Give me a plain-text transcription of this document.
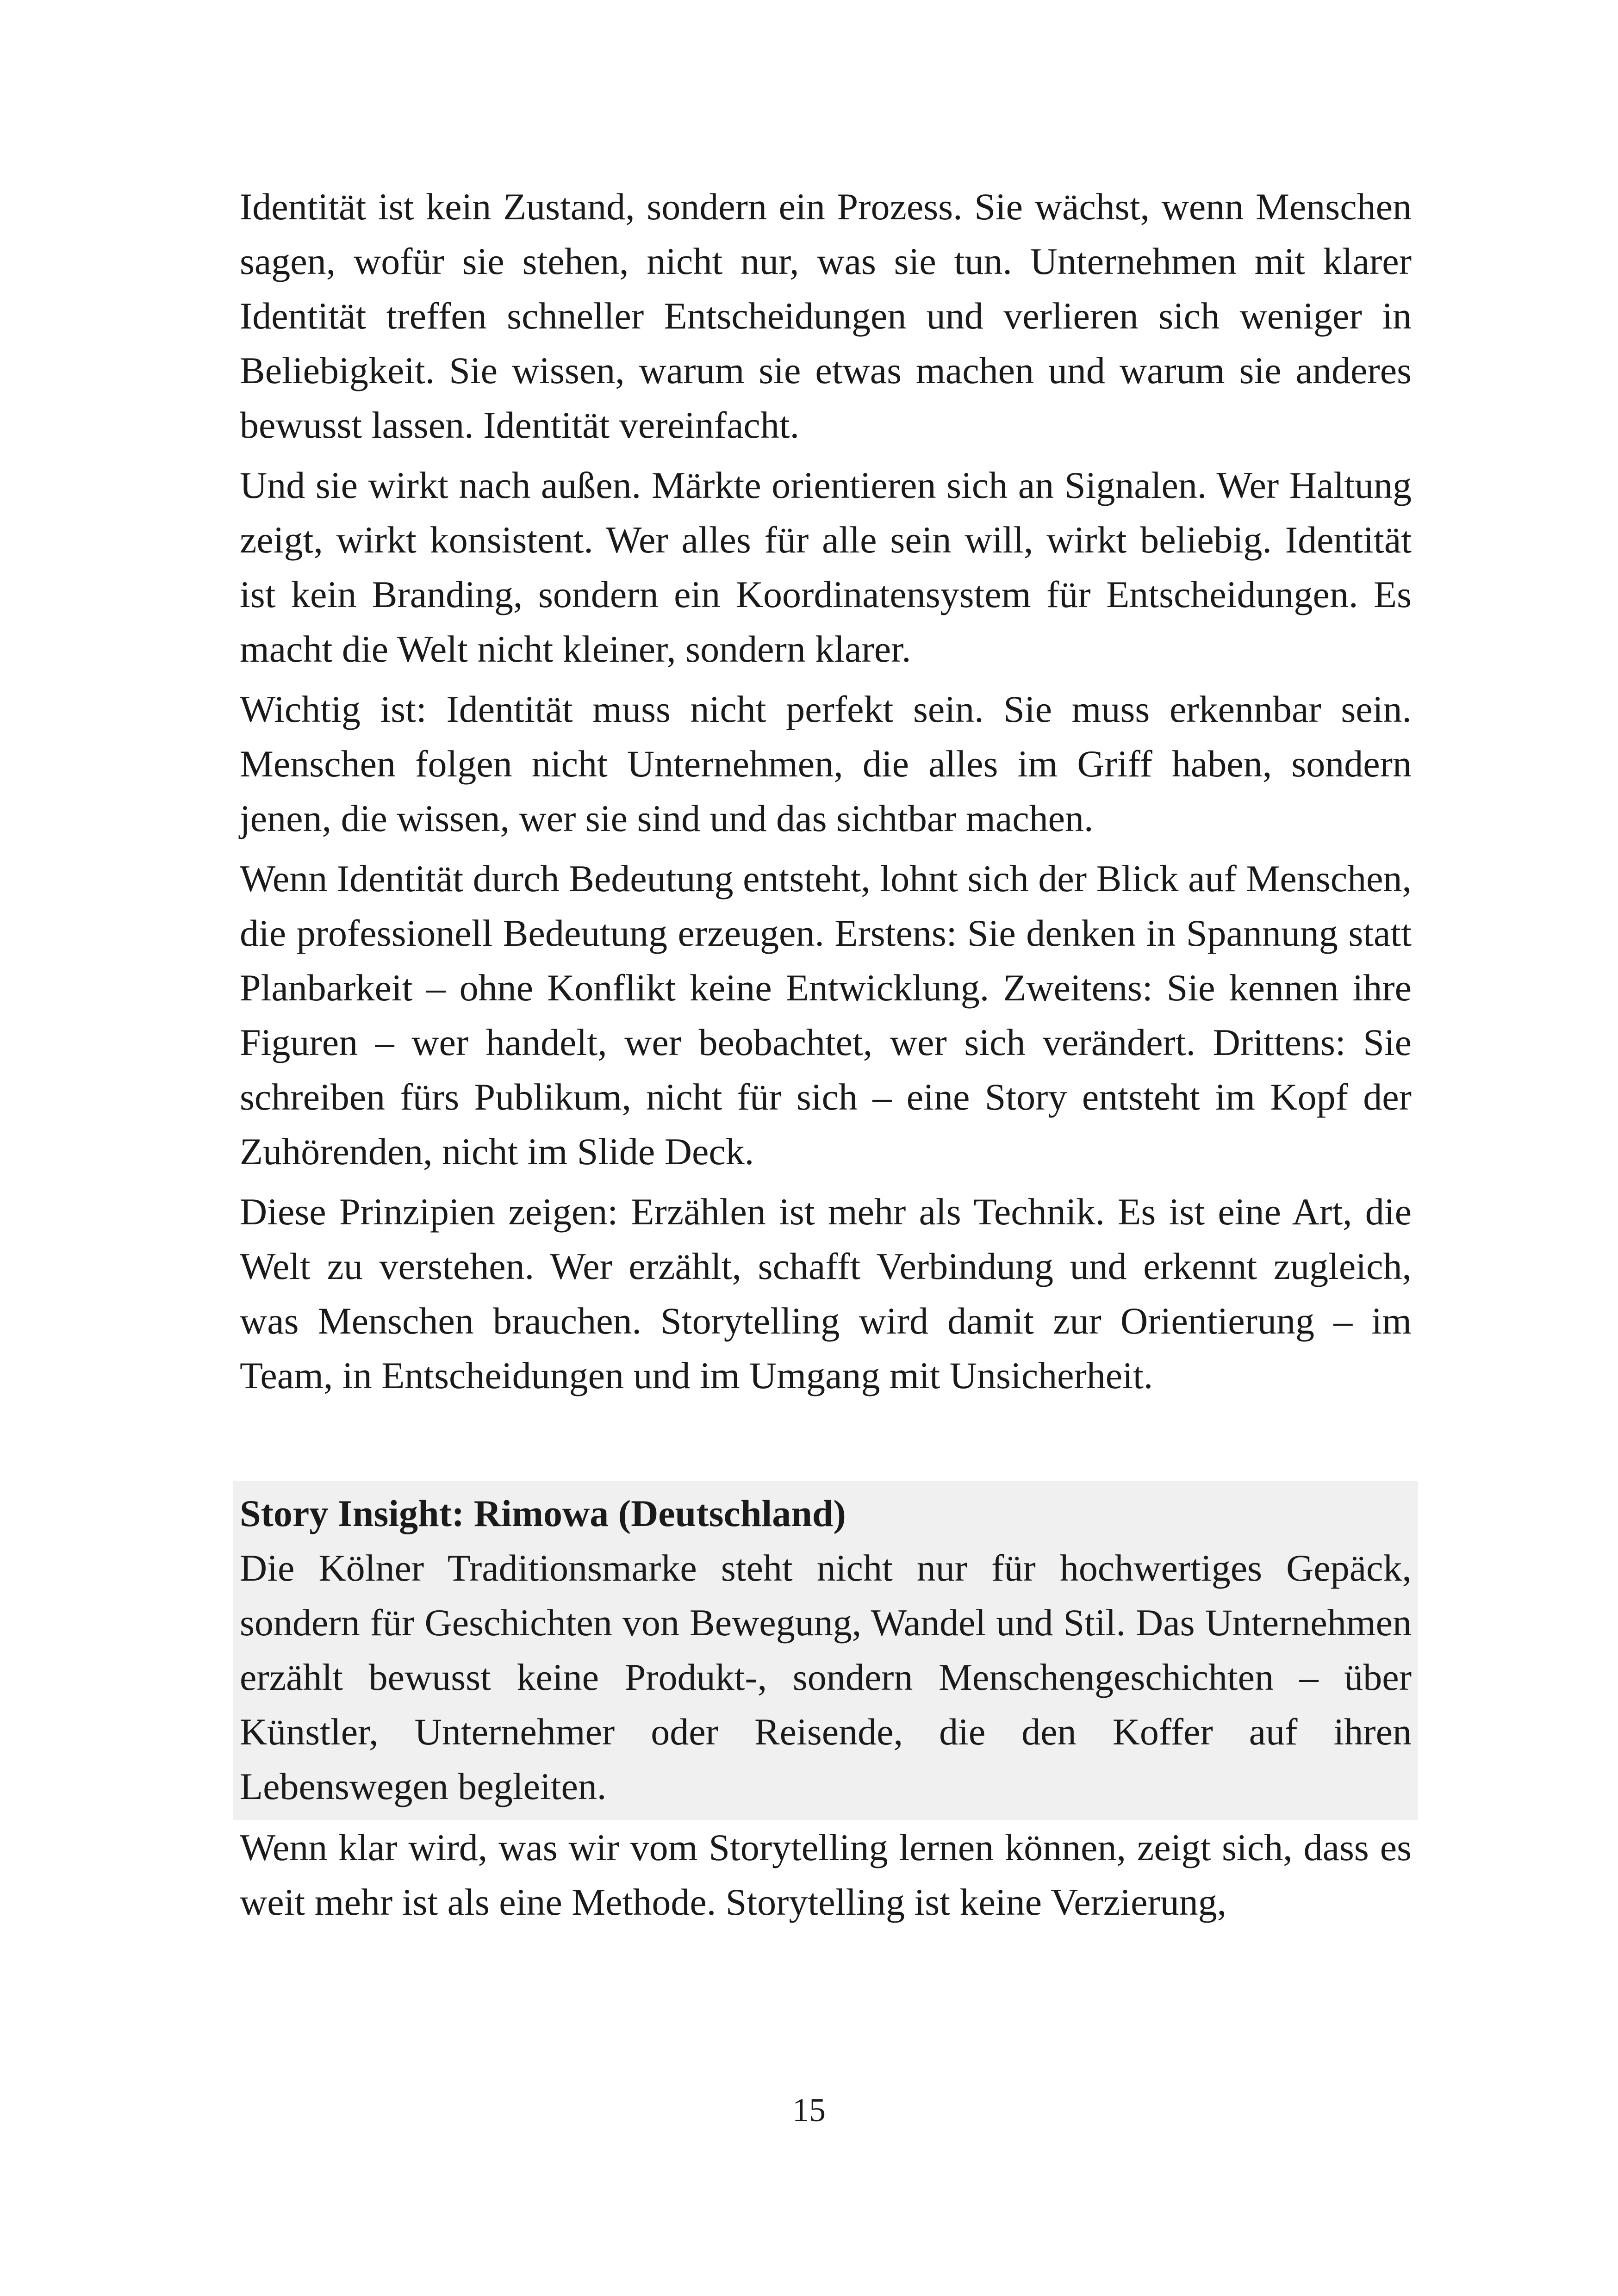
Identität ist kein Zustand, sondern ein Prozess. Sie wächst, wenn Menschen sagen, wofür sie stehen, nicht nur, was sie tun. Unternehmen mit klarer Identität treffen schneller Entscheidungen und verlieren sich weniger in Beliebigkeit. Sie wissen, warum sie etwas machen und warum sie anderes bewusst lassen. Identität vereinfacht.

Und sie wirkt nach außen. Märkte orientieren sich an Signalen. Wer Haltung zeigt, wirkt konsistent. Wer alles für alle sein will, wirkt beliebig. Identität ist kein Branding, sondern ein Koordinatensystem für Entscheidungen. Es macht die Welt nicht kleiner, sondern klarer.

Wichtig ist: Identität muss nicht perfekt sein. Sie muss erkennbar sein. Menschen folgen nicht Unternehmen, die alles im Griff haben, sondern jenen, die wissen, wer sie sind und das sichtbar machen.

Wenn Identität durch Bedeutung entsteht, lohnt sich der Blick auf Menschen, die professionell Bedeutung erzeugen. Erstens: Sie denken in Spannung statt Planbarkeit – ohne Konflikt keine Entwicklung. Zweitens: Sie kennen ihre Figuren – wer handelt, wer beobachtet, wer sich verändert. Drittens: Sie schreiben fürs Publikum, nicht für sich – eine Story entsteht im Kopf der Zuhörenden, nicht im Slide Deck.

Diese Prinzipien zeigen: Erzählen ist mehr als Technik. Es ist eine Art, die Welt zu verstehen. Wer erzählt, schafft Verbindung und erkennt zugleich, was Menschen brauchen. Storytelling wird damit zur Orientierung – im Team, in Entscheidungen und im Umgang mit Unsicherheit.

Story Insight: Rimowa (Deutschland)

Die Kölner Traditionsmarke steht nicht nur für hochwertiges Gepäck, sondern für Geschichten von Bewegung, Wandel und Stil. Das Unternehmen erzählt bewusst keine Produkt-, sondern Menschengeschichten – über Künstler, Unternehmer oder Reisende, die den Koffer auf ihren Lebenswegen begleiten.

Wenn klar wird, was wir vom Storytelling lernen können, zeigt sich, dass es weit mehr ist als eine Methode. Storytelling ist keine Verzierung,

15
